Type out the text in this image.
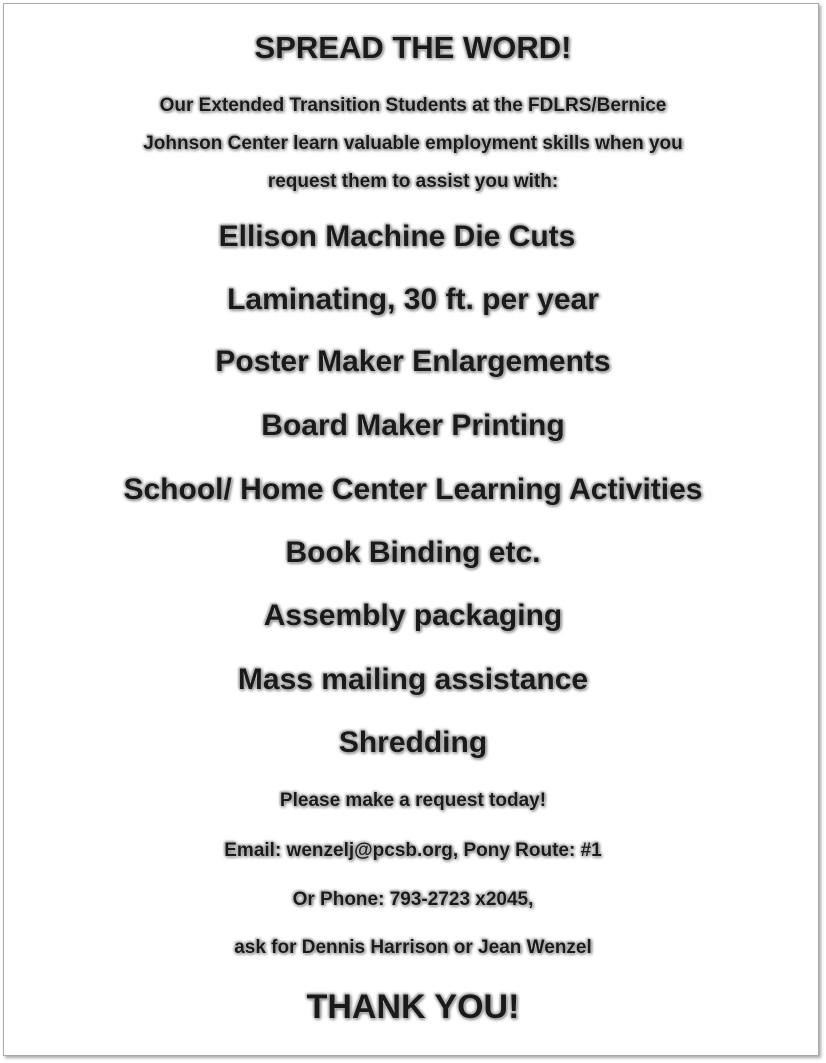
SPREAD THE WORD!
Our Extended Transition Students at the FDLRS/Bernice
Johnson Center learn valuable employment skills when you
request them to assist you with:
Ellison Machine Die Cuts
Laminating, 30 ft. per year
Poster Maker Enlargements
Board Maker Printing
School/ Home Center Learning Activities
Book Binding etc.
Assembly packaging
Mass mailing assistance
Shredding
Please make a request today!
Email: wenzelj@pcsb.org, Pony Route: #1
Or Phone: 793-2723 x2045,
ask for Dennis Harrison or Jean Wenzel
THANK YOU!
